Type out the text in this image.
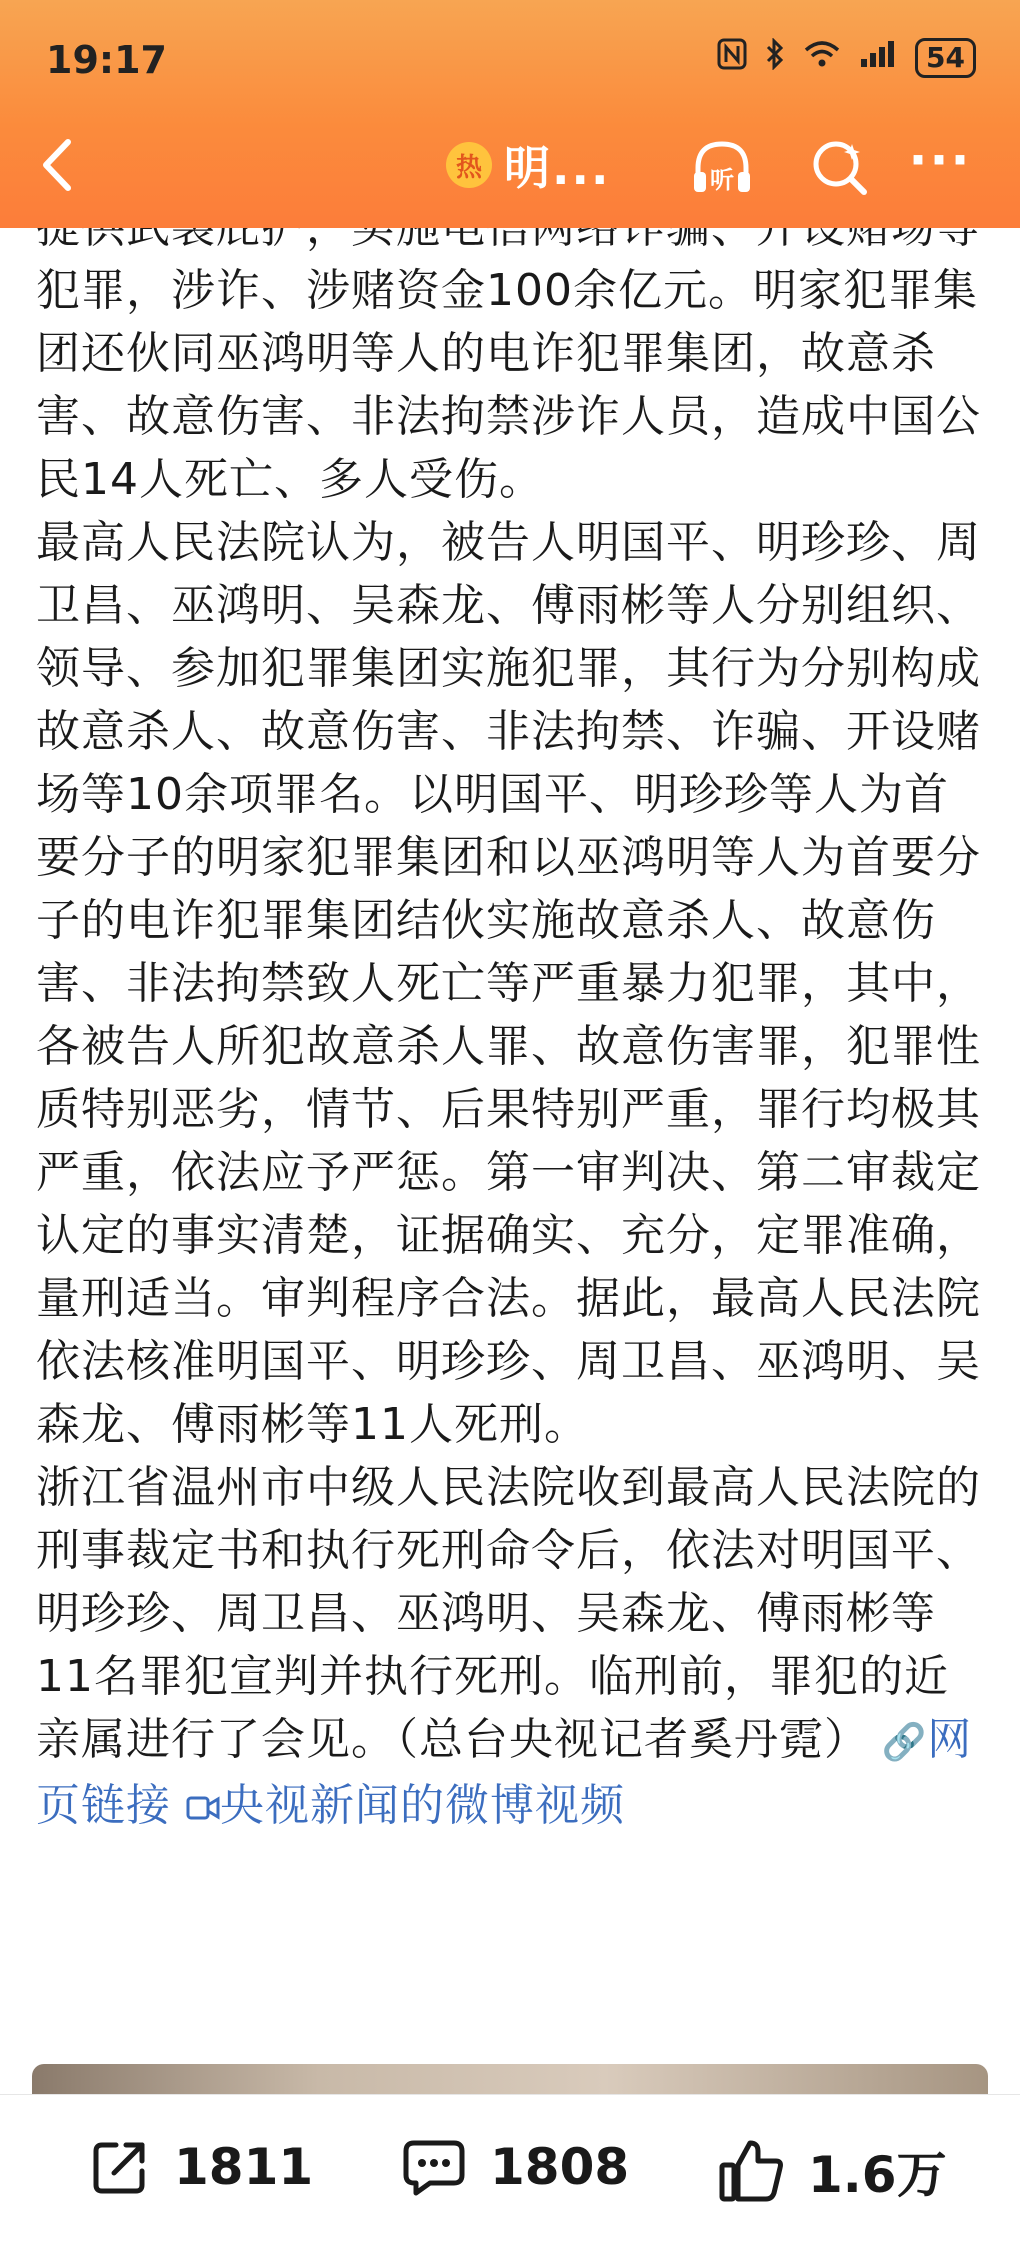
犯罪，涉诈、涉赌资金100余亿元。明家犯罪集团还伙同巫鸿明等人的电诈犯罪集团，故意杀害、故意伤害、非法拘禁涉诈人员，造成中国公民14人死亡、多人受伤。

最高人民法院认为，被告人明国平、明珍珍、周卫昌、巫鸿明、吴森龙、傅雨彬等人分别组织、领导、参加犯罪集团实施犯罪，其行为分别构成故意杀人、故意伤害、非法拘禁、诈骗、开设赌场等10余项罪名。以明国平、明珍珍等人为首要分子的明家犯罪集团和以巫鸿明等人为首要分子的电诈犯罪集团结伙实施故意杀人、故意伤害、非法拘禁致人死亡等严重暴力犯罪，其中，各被告人所犯故意杀人罪、故意伤害罪，犯罪性质特别恶劣，情节、后果特别严重，罪行均极其严重，依法应予严惩。第一审判决、第二审裁定认定的事实清楚，证据确实、充分，定罪准确，量刑适当。审判程序合法。据此，最高人民法院依法核准明国平、明珍珍、周卫昌、巫鸿明、吴森龙、傅雨彬等11人死刑。

浙江省温州市中级人民法院收到最高人民法院的刑事裁定书和执行死刑命令后，依法对明国平、明珍珍、周卫昌、巫鸿明、吴森龙、傅雨彬等11名罪犯宣判并执行死刑。临刑前，罪犯的近亲属进行了会见。（总台央视记者奚丹霓） 🔗网页链接 央视新闻的微博视频

19:17	54
热 明...	听	···
1811	1808	1.6万
